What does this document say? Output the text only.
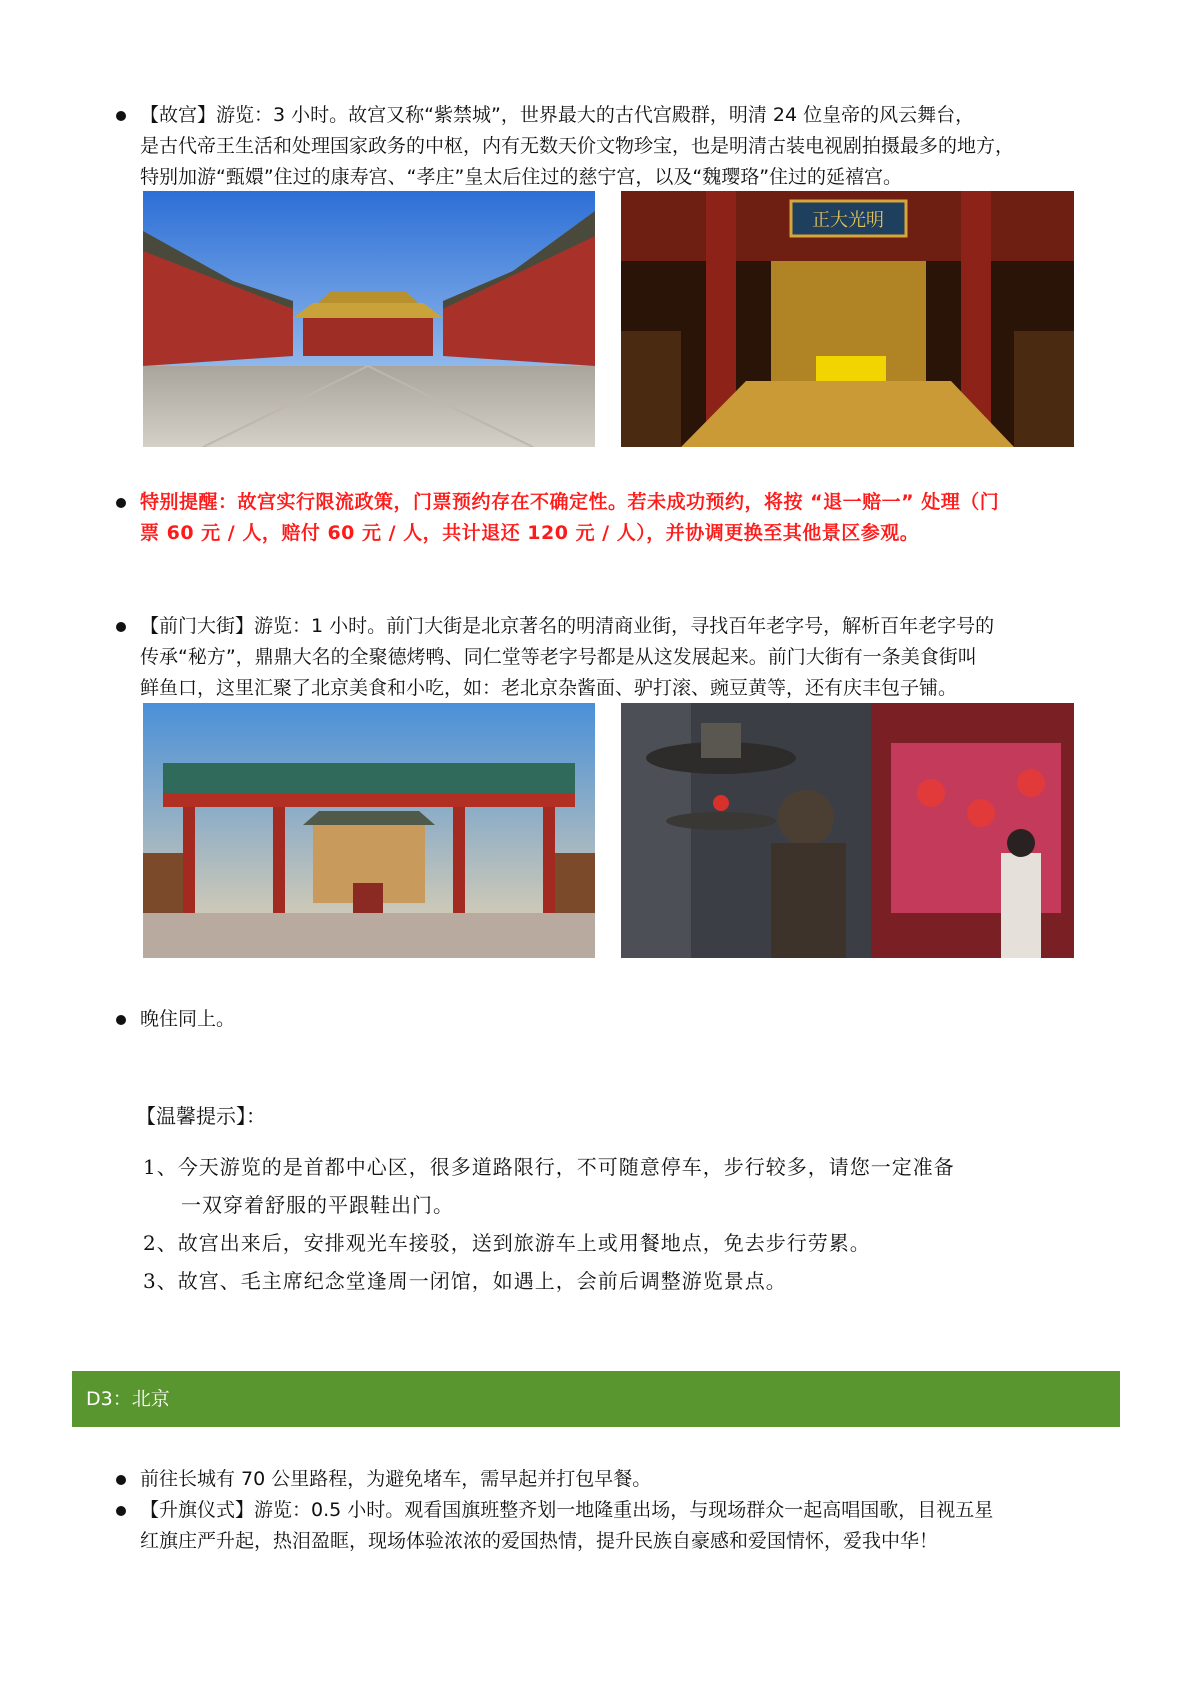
【故宫】游览：3 小时。故宫又称“紫禁城”，世界最大的古代宫殿群，明清 24 位皇帝的风云舞台，
是古代帝王生活和处理国家政务的中枢，内有无数天价文物珍宝，也是明清古装电视剧拍摄最多的地方，
特别加游“甄嬛”住过的康寿宫、“孝庄”皇太后住过的慈宁宫，以及“魏璎珞”住过的延禧宫。
正大光明
特别提醒：故宫实行限流政策，门票预约存在不确定性。若未成功预约，将按 “退一赔一” 处理（门
票 60 元 / 人，赔付 60 元 / 人，共计退还 120 元 / 人），并协调更换至其他景区参观。
【前门大街】游览：1 小时。前门大街是北京著名的明清商业街，寻找百年老字号，解析百年老字号的
传承“秘方”，鼎鼎大名的全聚德烤鸭、同仁堂等老字号都是从这发展起来。前门大街有一条美食街叫
鲜鱼口，这里汇聚了北京美食和小吃，如：老北京杂酱面、驴打滚、豌豆黄等，还有庆丰包子铺。
晚住同上。
【温馨提示】：
1、今天游览的是首都中心区，很多道路限行，不可随意停车，步行较多，请您一定准备
一双穿着舒服的平跟鞋出门。
2、故宫出来后，安排观光车接驳，送到旅游车上或用餐地点，免去步行劳累。
3、故宫、毛主席纪念堂逢周一闭馆，如遇上，会前后调整游览景点。
D3：北京
前往长城有 70 公里路程，为避免堵车，需早起并打包早餐。
【升旗仪式】游览：0.5 小时。观看国旗班整齐划一地隆重出场，与现场群众一起高唱国歌，目视五星
红旗庄严升起，热泪盈眶，现场体验浓浓的爱国热情，提升民族自豪感和爱国情怀，爱我中华！
